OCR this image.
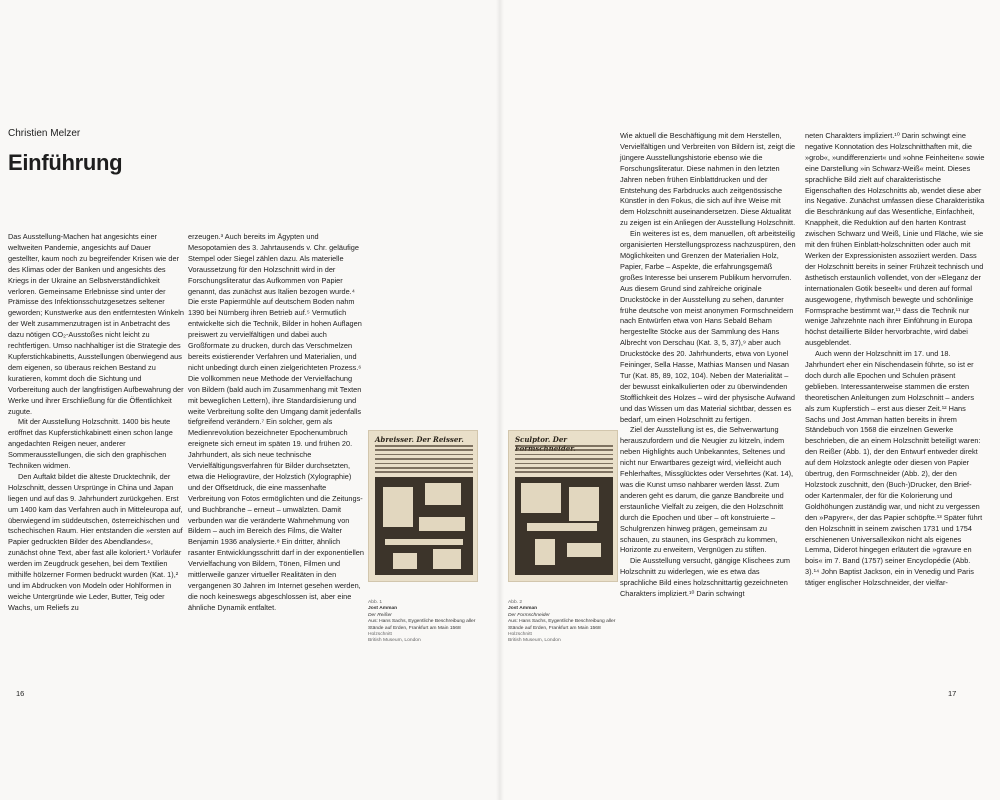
Christien Melzer
Einführung

Das Ausstellung-Machen hat angesichts einer weltweiten Pandemie, angesichts auf Dauer gestellter, kaum noch zu begreifender Krisen wie der des Klimas oder der Banken und angesichts des Kriegs in der Ukraine an Selbstverständlichkeit verloren. Gemeinsame Erlebnisse sind unter der Prämisse des Infektionsschutzgesetzes seltener geworden; Kunstwerke aus den entferntesten Winkeln der Welt zusammenzutragen ist in Anbetracht des dazu nötigen CO₂-Ausstoßes nicht leicht zu rechtfertigen. Umso nachhaltiger ist die Strategie des Kupferstichkabinetts, Ausstellungen überwiegend aus dem eigenen, so überaus reichen Bestand zu kuratieren, kommt doch die Sichtung und Vorbereitung auch der langfristigen Aufbewahrung der Werke und ihrer Erschließung für die Öffentlichkeit zugute.

Mit der Ausstellung Holzschnitt. 1400 bis heute eröffnet das Kupferstichkabinett einen schon lange angedachten Reigen neuer, anderer Sommerausstellungen, die sich den graphischen Techniken widmen.

Den Auftakt bildet die älteste Drucktechnik, der Holzschnitt, dessen Ursprünge in China und Japan liegen und auf das 9. Jahrhundert zurückgehen. Erst um 1400 kam das Verfahren auch in Mitteleuropa auf, überwiegend im süddeutschen, österreichischen und tschechischen Raum. Hier entstanden die »ersten auf Papier gedruckten Bilder des Abendlandes«, zunächst ohne Text, aber fast alle koloriert.¹ Vorläufer werden im Zeugdruck gesehen, bei dem Textilien mithilfe hölzerner Formen bedruckt wurden (Kat. 1),² und im Abdrucken von Modeln oder Hohlformen in weiche Untergründe wie Leder, Butter, Teig oder Wachs, um Reliefs zu

erzeugen.³ Auch bereits im Ägypten und Mesopotamien des 3. Jahrtausends v. Chr. geläufige Stempel oder Siegel zählen dazu. Als materielle Voraussetzung für den Holzschnitt wird in der Forschungsliteratur das Aufkommen von Papier genannt, das zunächst aus Italien bezogen wurde.⁴ Die erste Papiermühle auf deutschem Boden nahm 1390 bei Nürnberg ihren Betrieb auf.⁵ Vermutlich entwickelte sich die Technik, Bilder in hohen Auflagen preiswert zu vervielfältigen und dabei auch Großformate zu drucken, durch das Verschmelzen bereits existierender Verfahren und Materialien, und nicht unbedingt durch einen zielgerichteten Prozess.⁶ Die vollkommen neue Methode der Vervielfachung von Bildern (bald auch im Zusammenhang mit Texten mit beweglichen Lettern), ihre Standardisierung und weite Verbreitung sollte den Umgang damit jedenfalls tiefgreifend verändern.⁷ Ein solcher, gern als Medienrevolution bezeichneter Epochenumbruch ereignete sich erneut im späten 19. und frühen 20. Jahrhundert, als sich neue technische Vervielfältigungsverfahren für Bilder durchsetzten, etwa die Heliogravüre, der Holzstich (Xylographie) und der Offsetdruck, die eine massenhafte Verbreitung von Fotos ermöglichten und die Zeitungs- und Buchbranche – erneut – umwälzten. Damit verbunden war die veränderte Wahrnehmung von Bildern – auch im Bereich des Films, die Walter Benjamin 1936 analysierte.⁸ Ein dritter, ähnlich rasanter Entwicklungsschritt darf in der exponentiellen Vervielfachung von Bildern, Tönen, Filmen und mittlerweile ganzer virtueller Realitäten in den vergangenen 30 Jahren im Internet gesehen werden, die noch keineswegs abgeschlossen ist, aber eine ähnliche Dynamik entfaltet.

Abreisser. Der Reisser.
Abb. 1
Jost Amman
Der Reißer
Aus: Hans Sachs, Eygentliche Beschreibung aller Stände auf Erden, Frankfurt am Main 1568
Holzschnitt
British Museum, London
Sculptor. Der
Abb. 2
Jost Amman
Der Formschneider
Aus: Hans Sachs, Eygentliche Beschreibung aller Stände auf Erden, Frankfurt am Main 1568
Holzschnitt
British Museum, London

Wie aktuell die Beschäftigung mit dem Herstellen, Vervielfältigen und Verbreiten von Bildern ist, zeigt die jüngere Ausstellungshistorie ebenso wie die Forschungsliteratur. Diese nahmen in den letzten Jahren neben frühen Einblattdrucken und der Entstehung des Farbdrucks auch zeitgenössische Künstler in den Fokus, die sich auf ihre Weise mit dem Holzschnitt auseinandersetzen. Diese Aktualität zu zeigen ist ein Anliegen der Ausstellung Holzschnitt.

Ein weiteres ist es, dem manuellen, oft arbeitsteilig organisierten Herstellungsprozess nachzuspüren, den Möglichkeiten und Grenzen der Materialien Holz, Papier, Farbe – Aspekte, die erfahrungsgemäß großes Interesse bei unserem Publikum hervorrufen. Aus diesem Grund sind zahlreiche originale Druckstöcke in der Ausstellung zu sehen, darunter frühe deutsche von meist anonymen Formschneidern nach Entwürfen etwa von Hans Sebald Beham hergestellte Stöcke aus der Sammlung des Hans Albrecht von Derschau (Kat. 3, 5, 37),⁹ aber auch Druckstöcke des 20. Jahrhunderts, etwa von Lyonel Feininger, Sella Hasse, Mathias Mansen und Nasan Tur (Kat. 85, 89, 102, 104). Neben der Materialität – der bewusst einkalkulierten oder zu überwindenden Stofflichkeit des Holzes – wird der physische Aufwand und das Wissen um das Material sichtbar, dessen es bedarf, um einen Holzschnitt zu fertigen.

Ziel der Ausstellung ist es, die Sehverwartung herauszufordern und die Neugier zu kitzeln, indem neben Highlights auch Unbekanntes, Seltenes und nicht nur Erwartbares gezeigt wird, vielleicht auch Fehlerhaftes, Missglücktes oder Versehrtes (Kat. 14), was die Kunst umso nahbarer werden lässt. Zum anderen geht es darum, die ganze Bandbreite und erstaunliche Vielfalt zu zeigen, die den Holzschnitt durch die Epochen und über – oft konstruierte – Schulgrenzen hinweg prägen, gemeinsam zu schauen, zu staunen, ins Gespräch zu kommen, Horizonte zu erweitern, Vergnügen zu stiften.

Die Ausstellung versucht, gängige Klischees zum Holzschnitt zu widerlegen, wie es etwa das sprachliche Bild eines holzschnittartig gezeichneten Charakters impliziert.¹⁰ Darin schwingt

neten Charakters impliziert.¹⁰ Darin schwingt eine negative Konnotation des Holzschnitthaften mit, die »grob«, »undifferenziert« und »ohne Feinheiten« sowie eine Darstellung »in Schwarz-Weiß« meint. Dieses sprachliche Bild zielt auf charakteristische Eigenschaften des Holzschnitts ab, wendet diese aber ins Negative. Zunächst umfassen diese Charakteristika die Beschränkung auf das Wesentliche, Einfachheit, Knappheit, die Reduktion auf den harten Kontrast zwischen Schwarz und Weiß, Linie und Fläche, wie sie mit den frühen Einblatt-holzschnitten oder auch mit Werken der Expressionisten assoziiert werden. Dass der Holzschnitt bereits in seiner Frühzeit technisch und ästhetisch erstaunlich vollendet, von der »Eleganz der internationalen Gotik beseelt« und deren auf formal ausgewogene, rhythmisch bewegte und schönlinige Formsprache bestimmt war,¹¹ dass die Technik nur wenige Jahrzehnte nach ihrer Einführung in Europa höchst detaillierte Bilder hervorbrachte, wird dabei ausgeblendet.

Auch wenn der Holzschnitt im 17. und 18. Jahrhundert eher ein Nischendasein führte, so ist er doch durch alle Epochen und Schulen präsent geblieben. Interessanterweise stammen die ersten theoretischen Anleitungen zum Holzschnitt – anders als zum Kupferstich – erst aus dieser Zeit.¹² Hans Sachs und Jost Amman hatten bereits in ihrem Ständebuch von 1568 die einzelnen Gewerke beschrieben, die an einem Holzschnitt beteiligt waren: den Reißer (Abb. 1), der den Entwurf entweder direkt auf dem Holzstock anlegte oder diesen von Papier übertrug, den Formschneider (Abb. 2), der den Holzstock zuschnitt, den (Buch-)Drucker, den Brief- oder Kartenmaler, der für die Kolorierung und Goldhöhungen zuständig war, und nicht zu vergessen den »Papyrer«, der das Papier schöpfte.¹³ Später führt den Holzschnitt in seinem zwischen 1731 und 1754 erschienenen Universallexikon nicht als eigenes Lemma, Diderot hingegen erläutert die »gravure en bois« im 7. Band (1757) seiner Encyclopédie (Abb. 3).¹⁴ John Baptist Jackson, ein in Venedig und Paris tätiger englischer Holzschneider, der vielfar-

16	17
